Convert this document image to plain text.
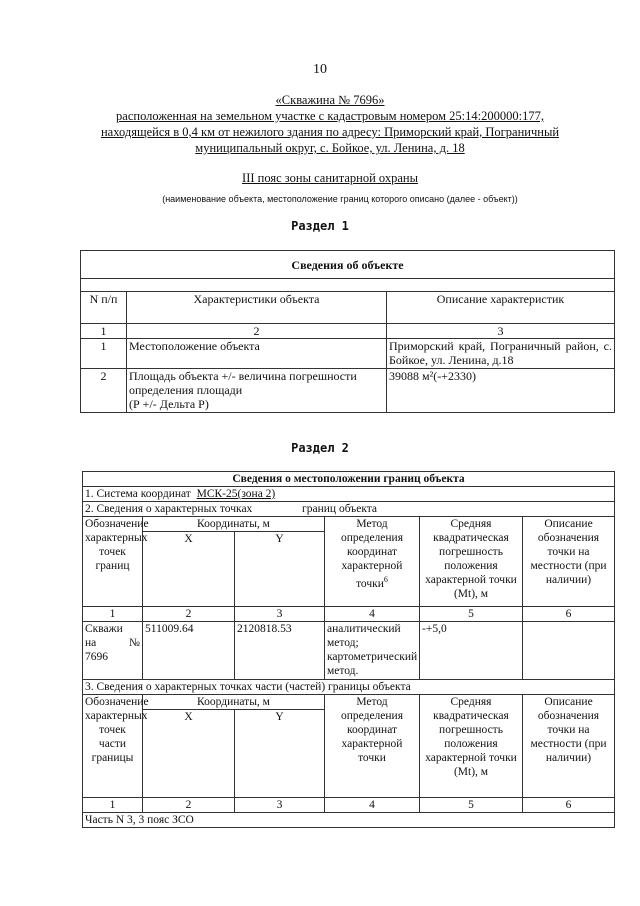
10
«Скважина № 7696»
расположенная на земельном участке с кадастровым номером 25:14:200000:177,
находящейся в 0,4 км от нежилого здания по адресу: Приморский край, Пограничный
муниципальный округ, с. Бойкое, ул. Ленина, д. 18
III пояс зоны санитарной охраны
(наименование объекта, местоположение границ которого описано (далее - объект))
Раздел 1
Сведения об объекте		

N п/п	Характеристики объекта	Описание характеристик
1	2	3
1	Местоположение объекта	Приморский край, Пограничный район, с. Бойкое, ул. Ленина, д.18
2	Площадь объекта +/- величина погрешности
определения площади
(Р +/- Дельта Р)	39088 м²(-+2330)
Раздел 2
Сведения о местоположении границ объекта					
1. Система координат МСК-25(зона 2)					
2. Сведения о характерных точках границ объекта					
Обозначение характерных точек границ	Координаты, м		Метод определения координат характерной точки$^6$	Средняя квадратическая погрешность положения характерной точки (Mt), м	Описание обозначения точки на местности (при наличии)
	X	Y			
1	2	3	4	5	6

Скважи
на №
7696	511009.64	2120818.53	аналитический метод; картометрический метод.	-+5,0	
3. Сведения о характерных точках части (частей) границы объекта					
Обозначение характерных точек части границы	Координаты, м		Метод определения координат характерной точки	Средняя квадратическая погрешность положения характерной точки (Mt), м	Описание обозначения точки на местности (при наличии)
	X	Y			
1	2	3	4	5	6
Часть N 3, 3 пояс ЗСО					
